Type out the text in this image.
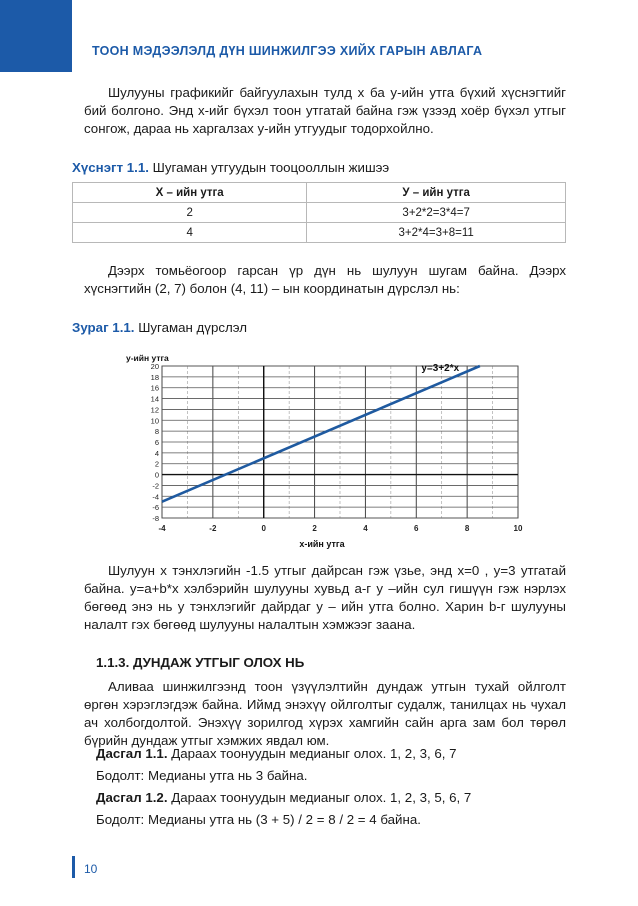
ТООН МЭДЭЭЛЭЛД ДҮН ШИНЖИЛГЭЭ ХИЙХ ГАРЫН АВЛАГА
Шулууны графикийг байгуулахын тулд x ба y-ийн утга бүхий хүснэгтийг бий болгоно. Энд x-ийг бүхэл тоон утгатай байна гэж үзээд хоёр бүхэл утгыг сонгож, дараа нь харгалзах y-ийн утгуудыг тодорхойлно.
Хүснэгт 1.1. Шугаман утгуудын тооцооллын жишээ
X – ийн утга	У – ийн утга
2	3+2*2=3*4=7
4	3+2*4=3+8=11
Дээрх томьёогоор гарсан үр дүн нь шулуун шугам байна. Дээрх хүснэгтийн (2, 7) болон (4, 11) – ын координатын дүрслэл нь:
Зураг 1.1. Шугаман дүрслэл
-8
-6
-4
-2
0
2
4
6
8
10
12
14
16
18
20
-4	-2	0	2	4	6	8	10
y=3+2*x
y-ийн утга
x-ийн утга
Шулуун x тэнхлэгийн -1.5 утгыг дайрсан гэж үзье, энд x=0 , y=3 утгатай байна. y=a+b*x хэлбэрийн шулууны хувьд a-г y –ийн сул гишүүн гэж нэрлэх бөгөөд энэ нь y тэнхлэгийг дайрдаг y – ийн утга болно. Харин b-г шулууны налалт гэх бөгөөд шулууны налалтын хэмжээг заана.
1.1.3. ДУНДАЖ УТГЫГ ОЛОХ НЬ
Аливаа шинжилгээнд тоон үзүүлэлтийн дундаж утгын тухай ойлголт өргөн хэрэглэгдэж байна. Иймд энэхүү ойлголтыг судалж, танилцах нь чухал ач холбогдолтой. Энэхүү зорилгод хүрэх хамгийн сайн арга зам бол төрөл бүрийн дундаж утгыг хэмжих явдал юм.
Дасгал 1.1. Дараах тоонуудын медианыг олох. 1, 2, 3, 6, 7
Бодолт: Медианы утга нь 3 байна.
Дасгал 1.2. Дараах тоонуудын медианыг олох. 1, 2, 3, 5, 6, 7
Бодолт: Медианы утга нь (3 + 5) / 2 = 8 / 2 = 4 байна.
10
